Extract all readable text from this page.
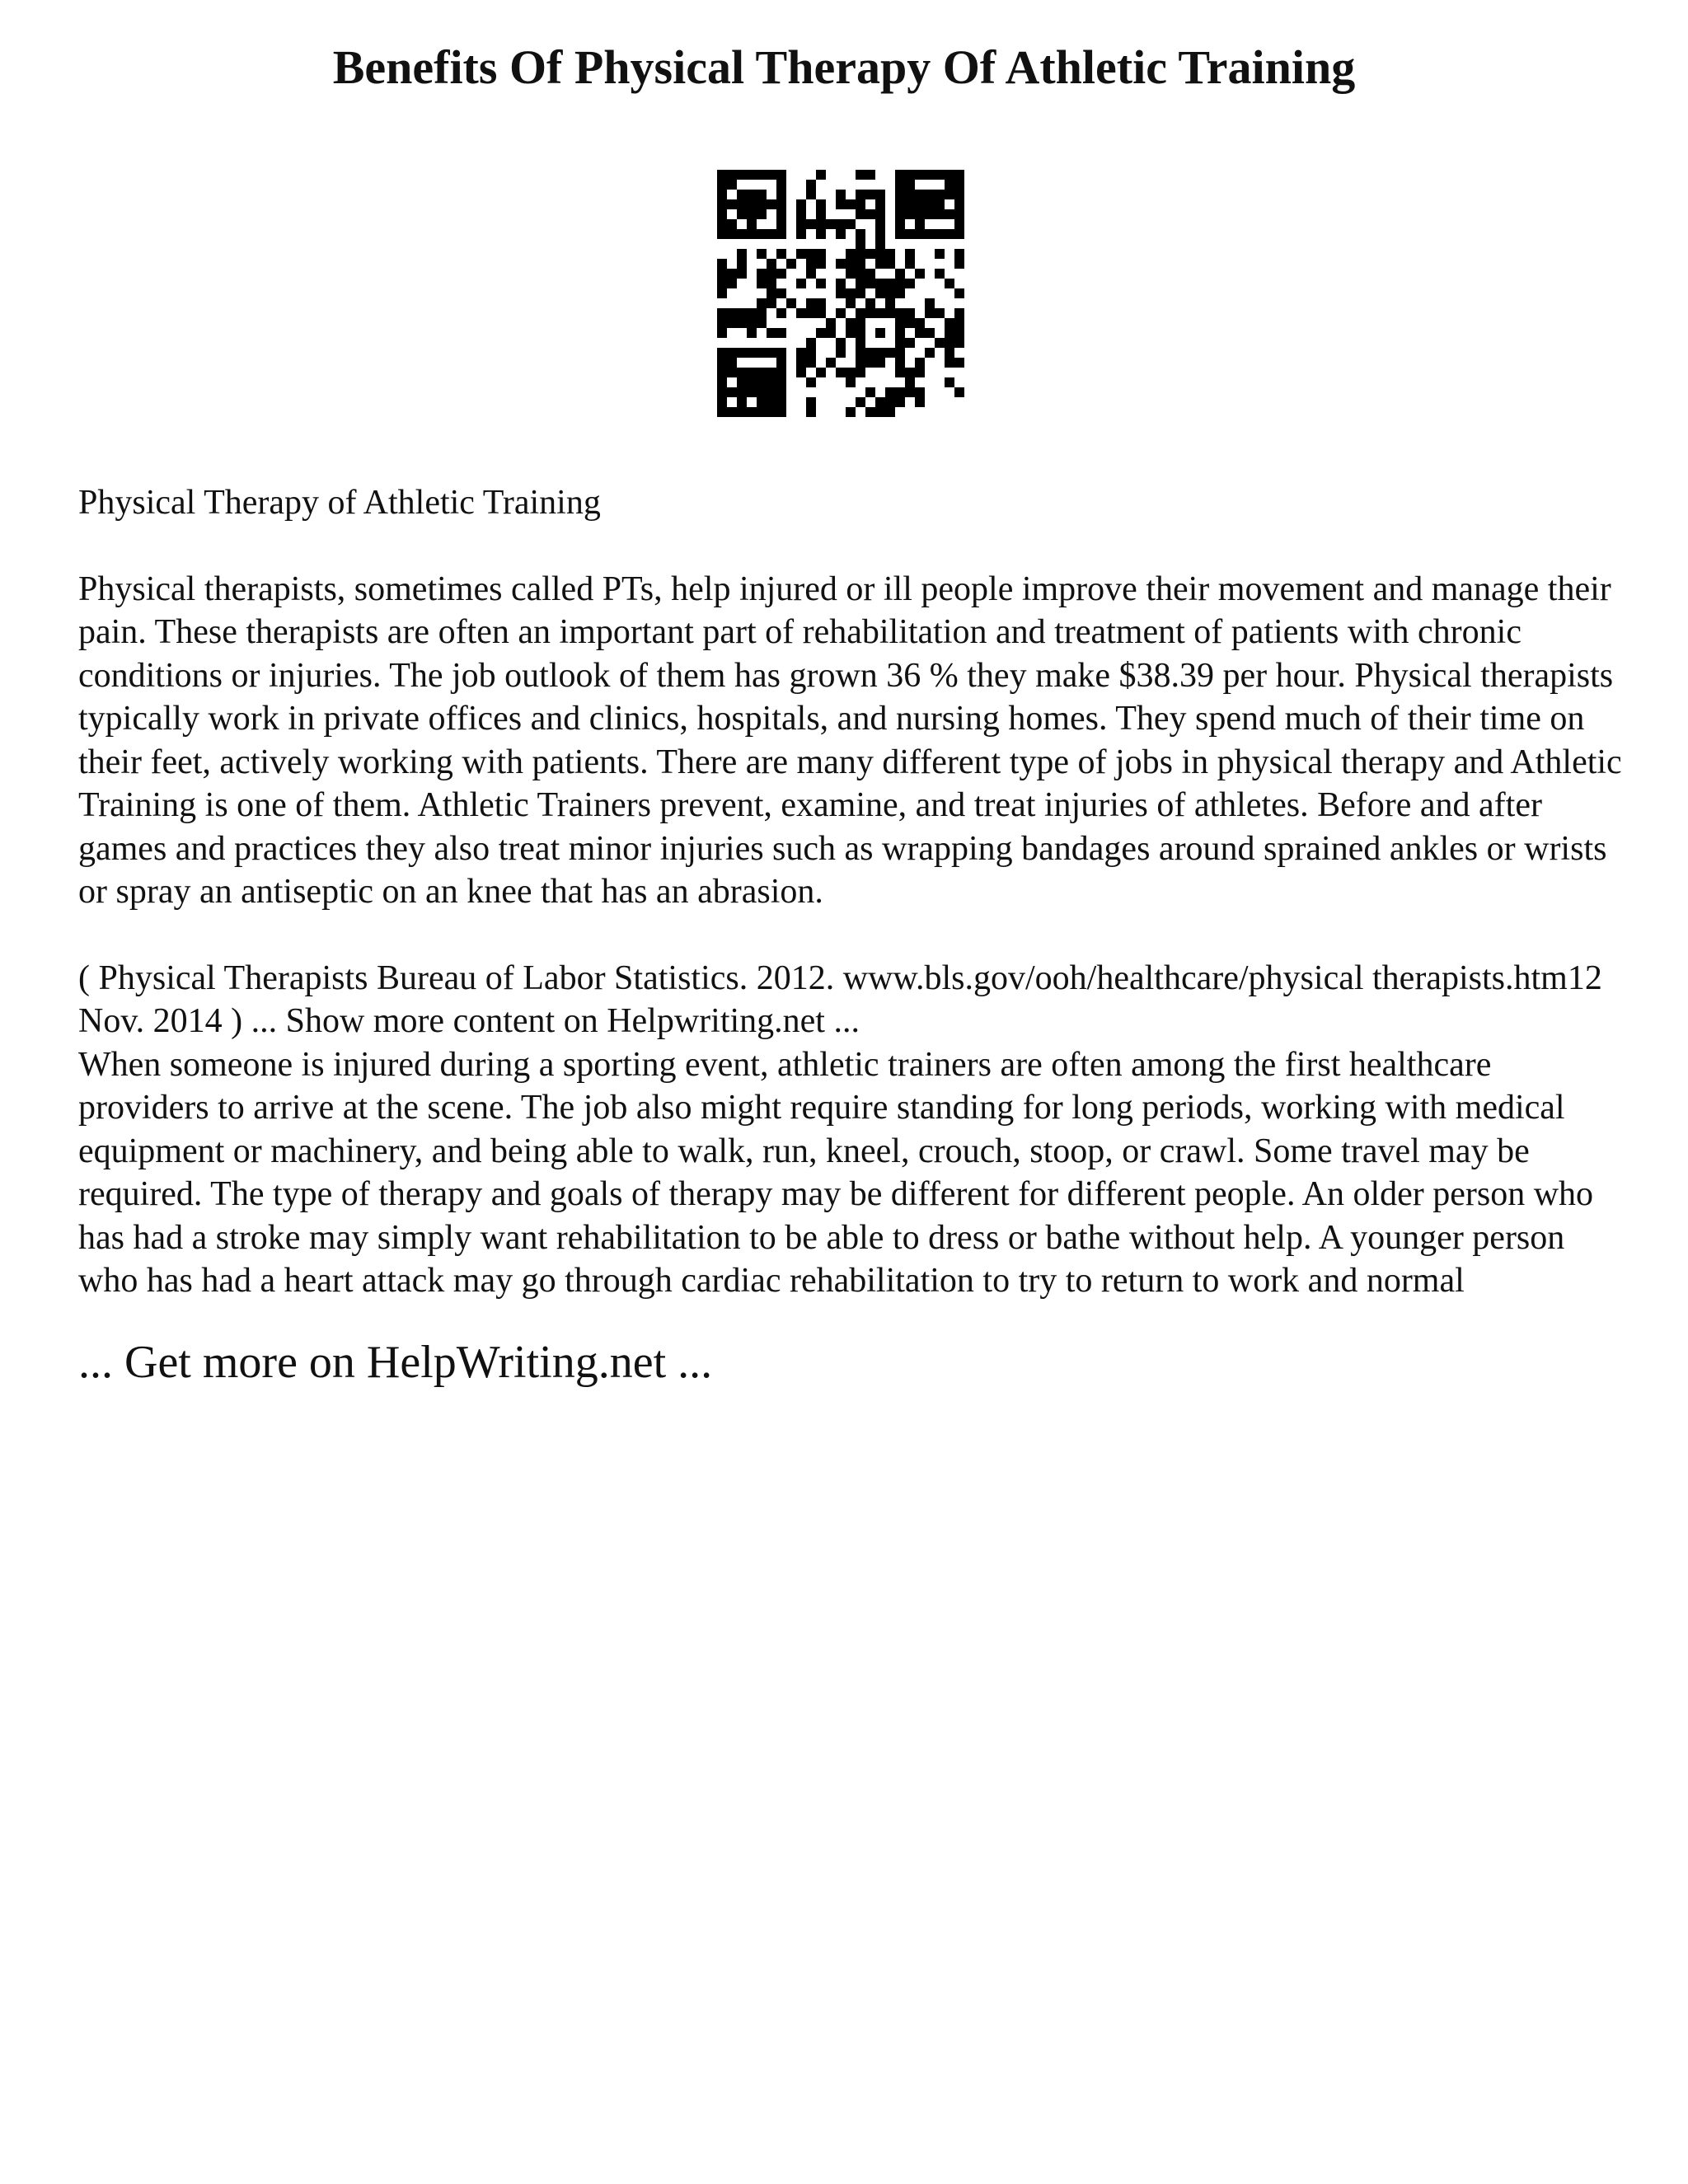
Benefits Of Physical Therapy Of Athletic Training

Physical Therapy of Athletic Training

Physical therapists, sometimes called PTs, help injured or ill people improve their movement and manage their pain. These therapists are often an important part of rehabilitation and treatment of patients with chronic conditions or injuries. The job outlook of them has grown 36 % they make $38.39 per hour. Physical therapists typically work in private offices and clinics, hospitals, and nursing homes. They spend much of their time on their feet, actively working with patients. There are many different type of jobs in physical therapy and Athletic Training is one of them. Athletic Trainers prevent, examine, and treat injuries of athletes. Before and after games and practices they also treat minor injuries such as wrapping bandages around sprained ankles or wrists or spray an antiseptic on an knee that has an abrasion.

( Physical Therapists Bureau of Labor Statistics. 2012. www.bls.gov/ooh/healthcare/physical therapists.htm12 Nov. 2014 ) ... Show more content on Helpwriting.net ...

When someone is injured during a sporting event, athletic trainers are often among the first healthcare providers to arrive at the scene. The job also might require standing for long periods, working with medical equipment or machinery, and being able to walk, run, kneel, crouch, stoop, or crawl. Some travel may be required. The type of therapy and goals of therapy may be different for different people. An older person who has had a stroke may simply want rehabilitation to be able to dress or bathe without help. A younger person who has had a heart attack may go through cardiac rehabilitation to try to return to work and normal

... Get more on HelpWriting.net ...
